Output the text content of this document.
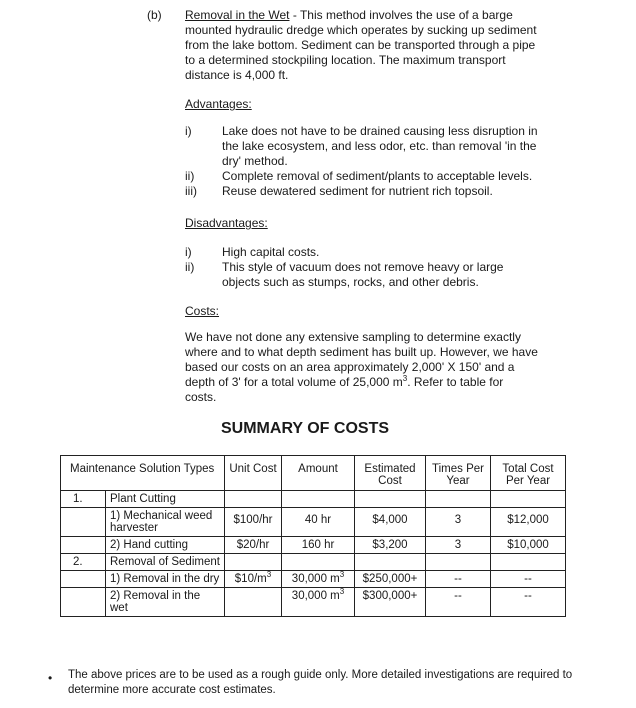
(b) Removal in the Wet - This method involves the use of a barge
mounted hydraulic dredge which operates by sucking up sediment
from the lake bottom. Sediment can be transported through a pipe
to a determined stockpiling location. The maximum transport
distance is 4,000 ft.
Advantages:
i)	Lake does not have to be drained causing less disruption in
the lake ecosystem, and less odor, etc. than removal 'in the
dry' method.
ii) Complete removal of sediment/plants to acceptable levels.
iii) Reuse dewatered sediment for nutrient rich topsoil.
Disadvantages:
i)	High capital costs.
ii) This style of vacuum does not remove heavy or large
objects such as stumps, rocks, and other debris.
Costs:
We have not done any extensive sampling to determine exactly
where and to what depth sediment has built up. However, we have
based our costs on an area approximately 2,000' X 150' and a
depth of 3' for a total volume of 25,000 $m^3$. Refer to table for
costs.
SUMMARY OF COSTS
Maintenance Solution Types		Unit Cost	Amount	Estimated Cost	Times Per Year	Total Cost Per Year
1.	Plant Cutting					
	1) Mechanical weed harvester	$100/hr	40 hr	$4,000	3	$12,000
	2) Hand cutting	$20/hr	160 hr	$3,200	3	$10,000
2.	Removal of Sediment					
	1) Removal in the dry	$\$10/m^3$	30,000 $m^3$	$250,000+	--	--
	2) Removal in the wet		30,000 $m^3$	$300,000+	--	--
• The above prices are to be used as a rough guide only. More detailed investigations are required to
determine more accurate cost estimates.
